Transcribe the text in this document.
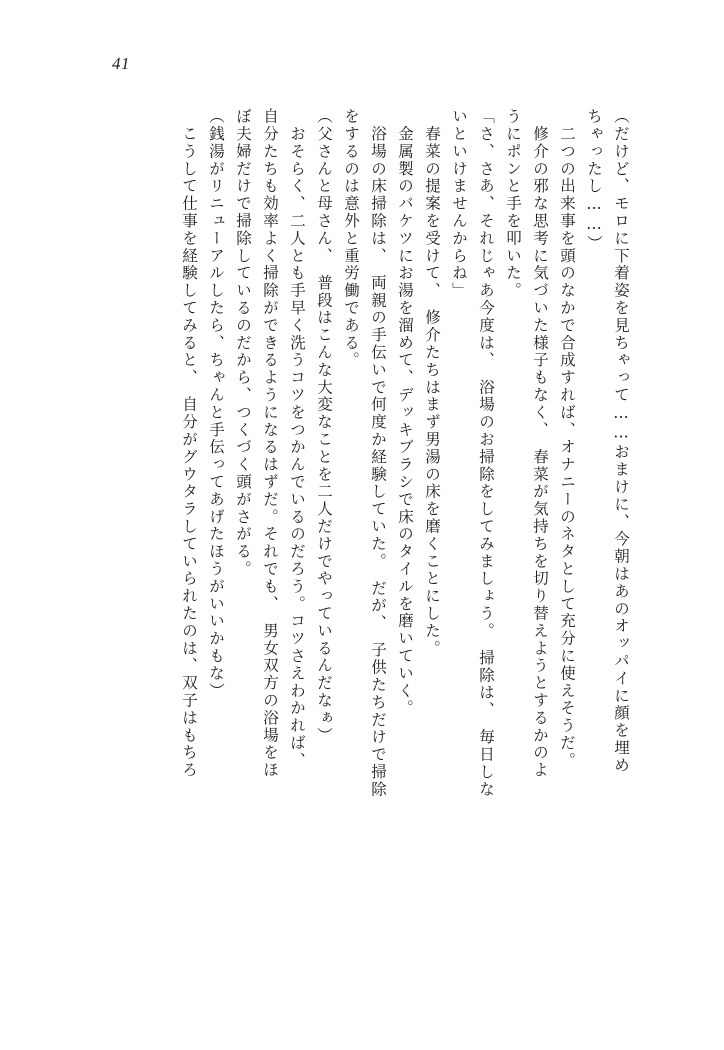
41
（だけど、モロに下着姿を見ちゃって……おまけに、今朝はあのオッパイに顔を埋め
ちゃったし……）
　二つの出来事を頭のなかで合成すれば、オナニーのネタとして充分に使えそうだ。
　修介の邪な思考に気づいた様子もなく、　春菜が気持ちを切り替えようとするかのよ
うにポンと手を叩いた。
「さ、さあ、それじゃあ今度は、　浴場のお掃除をしてみましょう。　掃除は、　毎日しな
いといけませんからね」
　春菜の提案を受けて、　修介たちはまず男湯の床を磨くことにした。
　金属製のバケツにお湯を溜めて、デッキブラシで床のタイルを磨いていく。
　浴場の床掃除は、　両親の手伝いで何度か経験していた。　だが、　子供たちだけで掃除
をするのは意外と重労働である。
（父さんと母さん、　普段はこんな大変なことを二人だけでやっているんだなぁ）
　おそらく、二人とも手早く洗うコツをつかんでいるのだろう。コツさえわかれば、
自分たちも効率よく掃除ができるようになるはずだ。それでも、　男女双方の浴場をほ
ぼ夫婦だけで掃除しているのだから、つくづく頭がさがる。
（銭湯がリニューアルしたら、ちゃんと手伝ってあげたほうがいいかもな）
　こうして仕事を経験してみると、　自分がグウタラしていられたのは、双子はもちろ
